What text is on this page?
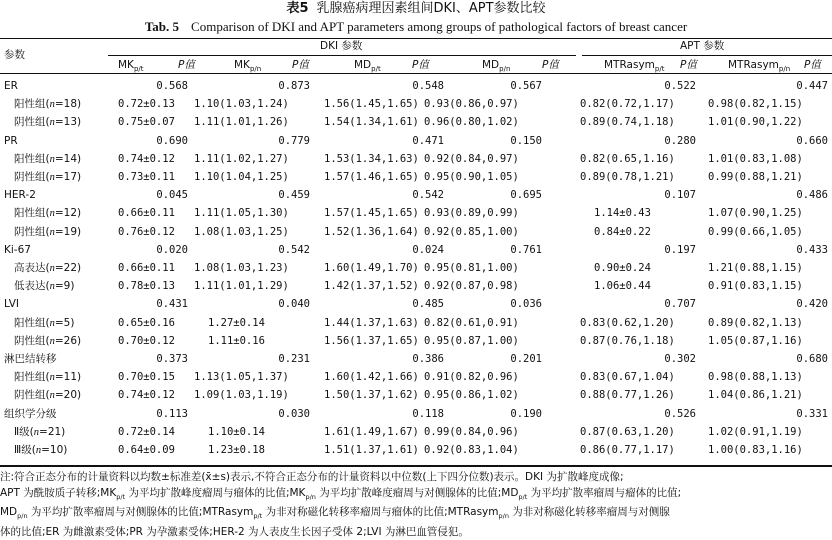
表5 乳腺癌病理因素组间DKI、APT参数比较
Tab. 5 Comparison of DKI and APT parameters among groups of pathological factors of breast cancer
参数
DKI 参数	APT 参数
$MK_{p/t}$	P值	$MK_{p/n}$	P值	$MD_{p/t}$	P值	$MD_{p/n}$	P值	MTRasym$_{p/t}$ P值	MTRasym$_{p/n}$ P值
ER	0.568	0.873	0.548	0.567	0.522	0.447
阳性组(n=18)	0.72±0.13 1.10(1.03,1.24)	1.56(1.45,1.65) 0.93(0.86,0.97)	0.82(0.72,1.17)	0.98(0.82,1.15)
阴性组(n=13)	0.75±0.07 1.11(1.01,1.26)	1.54(1.34,1.61) 0.96(0.80,1.02)	0.89(0.74,1.18)	1.01(0.90,1.22)
PR	0.690	0.779	0.471	0.150	0.280	0.660
阳性组(n=14)	0.74±0.12 1.11(1.02,1.27)	1.53(1.34,1.63) 0.92(0.84,0.97)	0.82(0.65,1.16)	1.01(0.83,1.08)
阴性组(n=17)	0.73±0.11 1.10(1.04,1.25)	1.57(1.46,1.65) 0.95(0.90,1.05)	0.89(0.78,1.21)	0.99(0.88,1.21)
HER-2	0.045	0.459	0.542	0.695	0.107	0.486
阳性组(n=12)	0.66±0.11 1.11(1.05,1.30)	1.57(1.45,1.65) 0.93(0.89,0.99)	1.14±0.43	1.07(0.90,1.25)
阴性组(n=19)	0.76±0.12 1.08(1.03,1.25)	1.52(1.36,1.64) 0.92(0.85,1.00)	0.84±0.22	0.99(0.66,1.05)
Ki-67	0.020	0.542	0.024	0.761	0.197	0.433
高表达(n=22)	0.66±0.11 1.08(1.03,1.23)	1.60(1.49,1.70) 0.95(0.81,1.00)	0.90±0.24	1.21(0.88,1.15)
低表达(n=9)	0.78±0.13 1.11(1.01,1.29)	1.42(1.37,1.52) 0.92(0.87,0.98)	1.06±0.44	0.91(0.83,1.15)
LVI	0.431	0.040	0.485	0.036	0.707	0.420
阳性组(n=5)	0.65±0.16	1.27±0.14	1.44(1.37,1.63) 0.82(0.61,0.91)	0.83(0.62,1.20)	0.89(0.82,1.13)
阴性组(n=26)	0.70±0.12	1.11±0.16	1.56(1.37,1.65) 0.95(0.87,1.00)	0.87(0.76,1.18)	1.05(0.87,1.16)
淋巴结转移	0.373	0.231	0.386	0.201	0.302	0.680
阳性组(n=11)	0.70±0.15 1.13(1.05,1.37)	1.60(1.42,1.66) 0.91(0.82,0.96)	0.83(0.67,1.04)	0.98(0.88,1.13)
阴性组(n=20)	0.74±0.12 1.09(1.03,1.19)	1.50(1.37,1.62) 0.95(0.86,1.02)	0.88(0.77,1.26)	1.04(0.86,1.21)
组织学分级	0.113	0.030	0.118	0.190	0.526	0.331
Ⅱ级(n=21)	0.72±0.14	1.10±0.14	1.61(1.49,1.67) 0.99(0.84,0.96)	0.87(0.63,1.20)	1.02(0.91,1.19)
Ⅲ级(n=10)	0.64±0.09	1.23±0.18	1.51(1.37,1.61) 0.92(0.83,1.04)	0.86(0.77,1.17)	1.00(0.83,1.16)
注:符合正态分布的计量资料以均数±标准差(x̄±s)表示,不符合正态分布的计量资料以中位数(上下四分位数)表示。DKI 为扩散峰度成像;
APT 为酰胺质子转移$;MK_{p/t}$ 为平均扩散峰度瘤周与瘤体的比值$;MK_{p/n}$ 为平均扩散峰度瘤周与对侧腺体的比值$;MD_{p/t}$ 为平均扩散率瘤周与瘤体的比值;
$MD_{p/n}$ 为平均扩散率瘤周与对侧腺体的比值;MTRasym$_{p/t}$ 为非对称磁化转移率瘤周与瘤体的比值;MTRasym$_{p/n}$ 为非对称磁化转移率瘤周与对侧腺
体的比值;ER 为雌激素受体;PR 为孕激素受体;HER-2 为人表皮生长因子受体 2;LVI 为淋巴血管侵犯。
